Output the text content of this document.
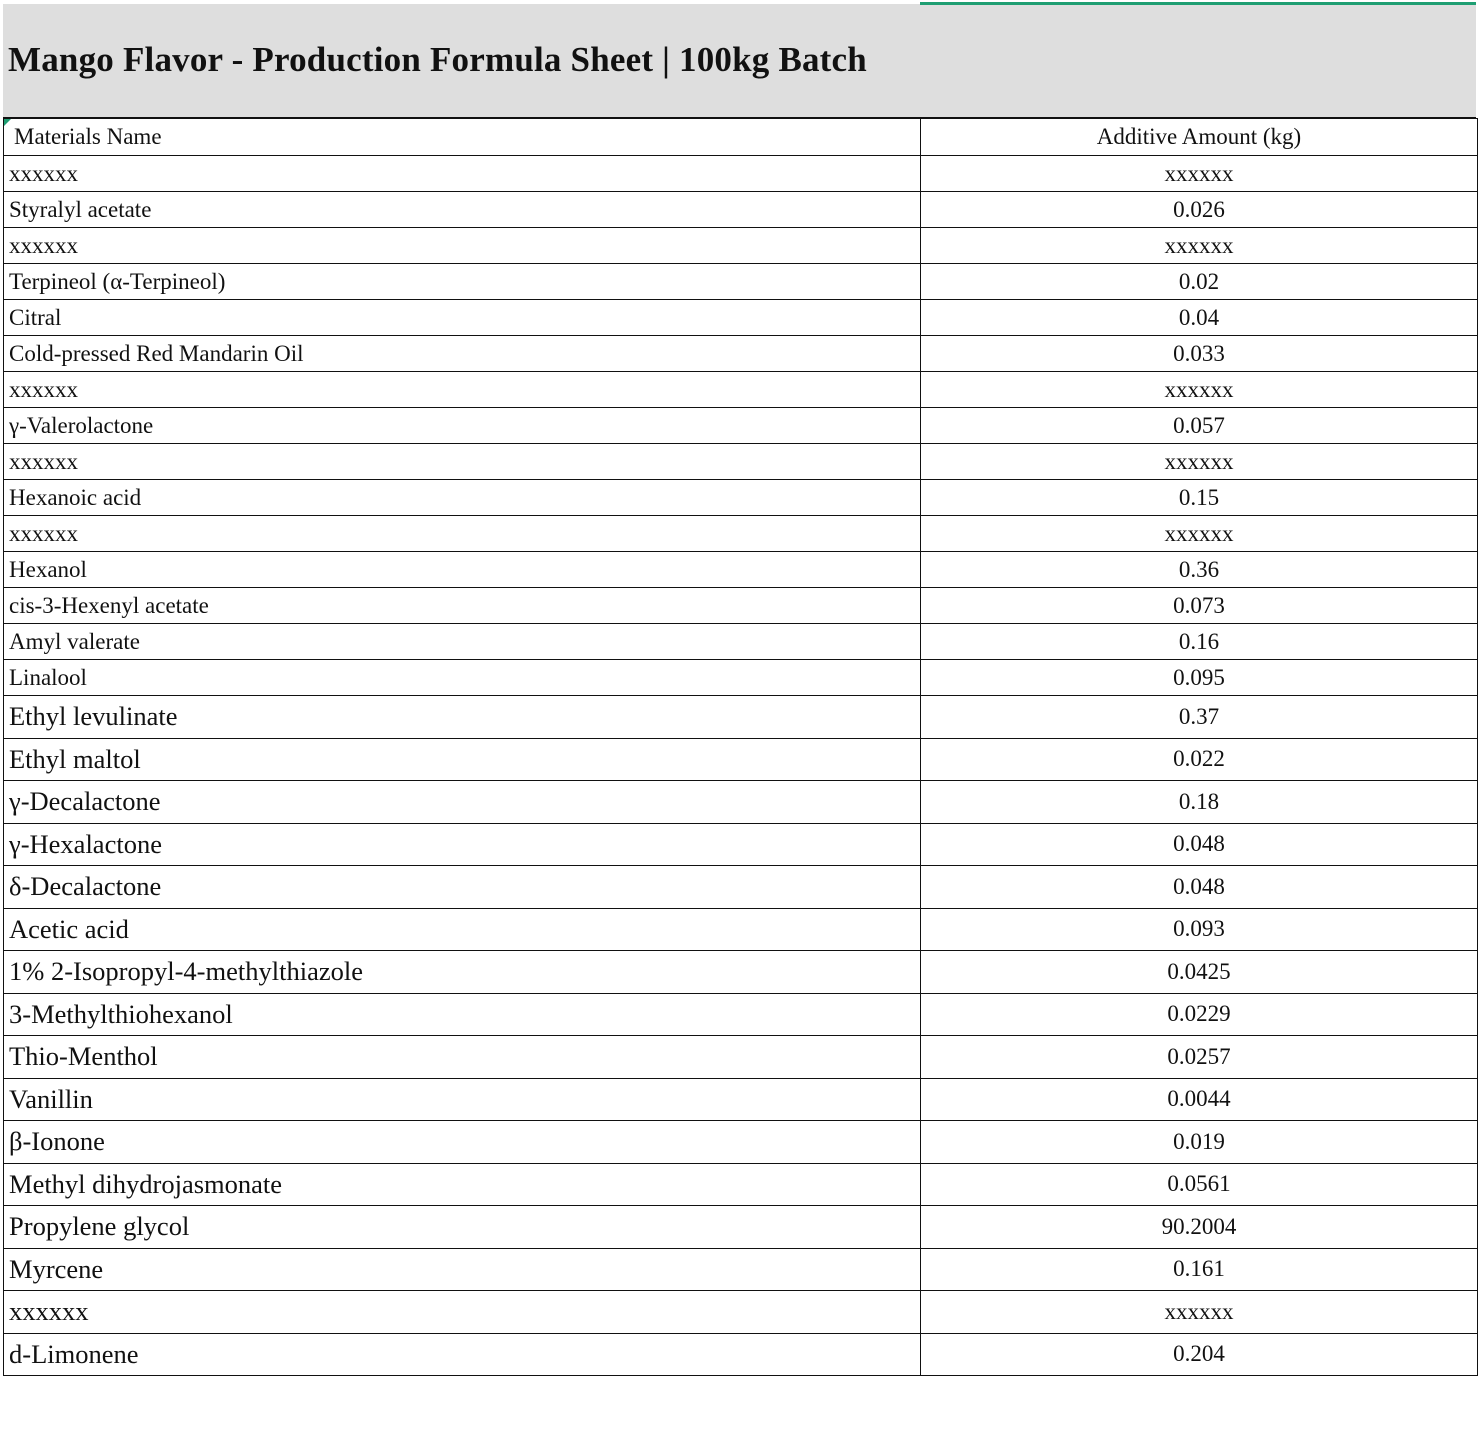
Mango Flavor - Production Formula Sheet | 100kg Batch
Materials Name	Additive Amount (kg)
xxxxxx	xxxxxx
Styralyl acetate	0.026
xxxxxx	xxxxxx
Terpineol (α-Terpineol)	0.02
Citral	0.04
Cold-pressed Red Mandarin Oil	0.033
xxxxxx	xxxxxx
γ-Valerolactone	0.057
xxxxxx	xxxxxx
Hexanoic acid	0.15
xxxxxx	xxxxxx
Hexanol	0.36
cis-3-Hexenyl acetate	0.073
Amyl valerate	0.16
Linalool	0.095
Ethyl levulinate	0.37
Ethyl maltol	0.022
γ-Decalactone	0.18
γ-Hexalactone	0.048
δ-Decalactone	0.048
Acetic acid	0.093
1% 2-Isopropyl-4-methylthiazole	0.0425
3-Methylthiohexanol	0.0229
Thio-Menthol	0.0257
Vanillin	0.0044
β-Ionone	0.019
Methyl dihydrojasmonate	0.0561
Propylene glycol	90.2004
Myrcene	0.161
xxxxxx	xxxxxx
d-Limonene	0.204
